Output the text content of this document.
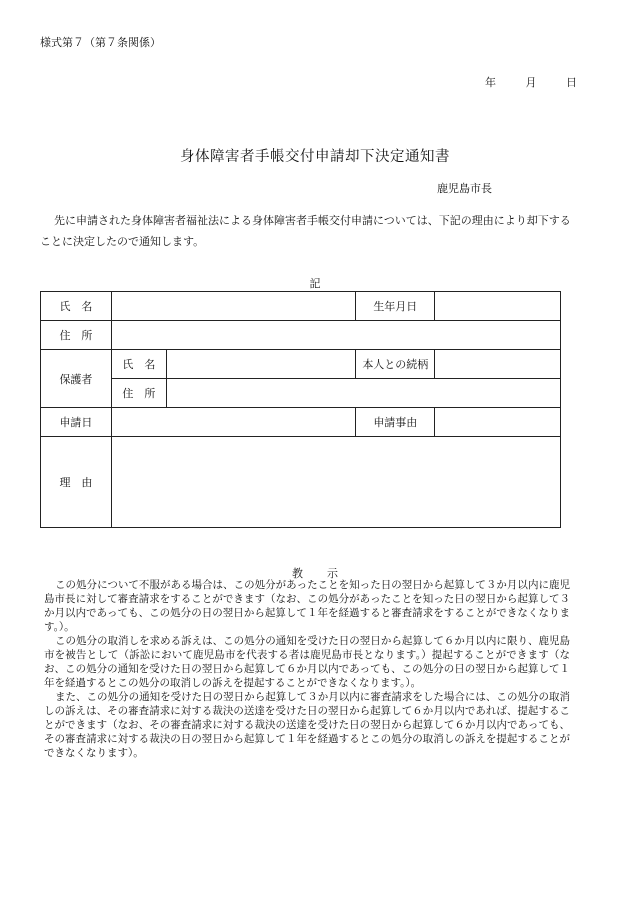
様式第７（第７条関係）
年	月	日
身体障害者手帳交付申請却下決定通知書
鹿児島市長
先に申請された身体障害者福祉法による身体障害者手帳交付申請については、下記の理由により却下することに決定したので通知します。
記
氏　名			生年月日	
住　所				
保護者	氏　名		本人との続柄	
	住　所			
申請日			申請事由	
理　由				
教示

この処分について不服がある場合は、この処分があったことを知った日の翌日から起算して３か月以内に鹿児島市長に対して審査請求をすることができます（なお、この処分があったことを知った日の翌日から起算して３か月以内であっても、この処分の日の翌日から起算して１年を経過すると審査請求をすることができなくなります。）。

この処分の取消しを求める訴えは、この処分の通知を受けた日の翌日から起算して６か月以内に限り、鹿児島市を被告として（訴訟において鹿児島市を代表する者は鹿児島市長となります。）提起することができます（なお、この処分の通知を受けた日の翌日から起算して６か月以内であっても、この処分の日の翌日から起算して１年を経過するとこの処分の取消しの訴えを提起することができなくなります。）。

また、この処分の通知を受けた日の翌日から起算して３か月以内に審査請求をした場合には、この処分の取消しの訴えは、その審査請求に対する裁決の送達を受けた日の翌日から起算して６か月以内であれば、提起することができます（なお、その審査請求に対する裁決の送達を受けた日の翌日から起算して６か月以内であっても、その審査請求に対する裁決の日の翌日から起算して１年を経過するとこの処分の取消しの訴えを提起することができなくなります）。
